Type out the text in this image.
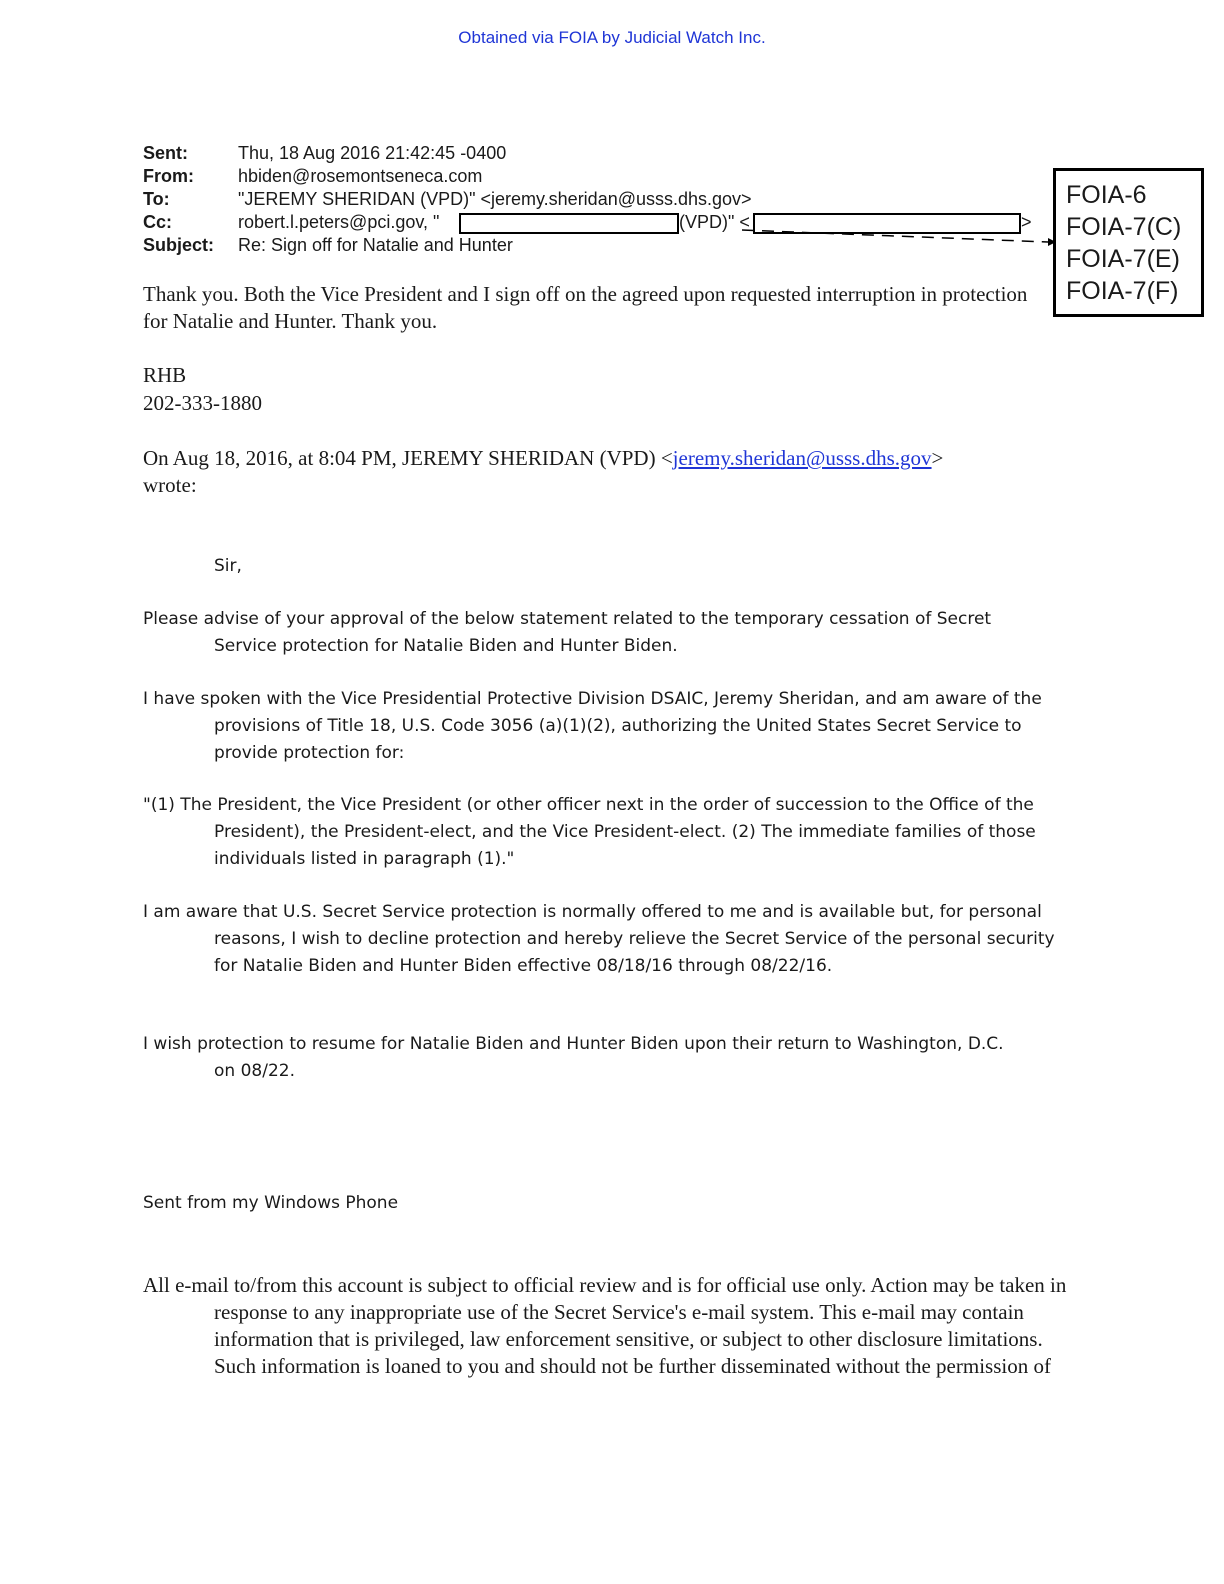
Obtained via FOIA by Judicial Watch Inc.
Sent:	Thu, 18 Aug 2016 21:42:45 -0400
From: hbiden@rosemontseneca.com
To:	"JEREMY SHERIDAN (VPD)" <jeremy.sheridan@usss.dhs.gov>
Cc:	robert.l.peters@pci.gov, "	(VPD)" <	>
Subject: Re: Sign off for Natalie and Hunter
FOIA-6
FOIA-7(C)
FOIA-7(E)
FOIA-7(F)
Thank you. Both the Vice President and I sign off on the agreed upon requested interruption in protection for Natalie and Hunter. Thank you.
RHB
202-333-1880
On Aug 18, 2016, at 8:04 PM, JEREMY SHERIDAN (VPD) <jeremy.sheridan@usss.dhs.gov>
wrote:
Sir,
Please advise of your approval of the below statement related to the temporary cessation of Secret Service protection for Natalie Biden and Hunter Biden.
I have spoken with the Vice Presidential Protective Division DSAIC, Jeremy Sheridan, and am aware of the provisions of Title 18, U.S. Code 3056 (a)(1)(2), authorizing the United States Secret Service to provide protection for:
"(1) The President, the Vice President (or other officer next in the order of succession to the Office of the President), the President-elect, and the Vice President-elect. (2) The immediate families of those individuals listed in paragraph (1)."
I am aware that U.S. Secret Service protection is normally offered to me and is available but, for personal reasons, I wish to decline protection and hereby relieve the Secret Service of the personal security for Natalie Biden and Hunter Biden effective 08/18/16 through 08/22/16.
I wish protection to resume for Natalie Biden and Hunter Biden upon their return to Washington, D.C. on 08/22.
Sent from my Windows Phone
All e-mail to/from this account is subject to official review and is for official use only. Action may be taken in response to any inappropriate use of the Secret Service's e-mail system. This e-mail may contain information that is privileged, law enforcement sensitive, or subject to other disclosure limitations. Such information is loaned to you and should not be further disseminated without the permission of
